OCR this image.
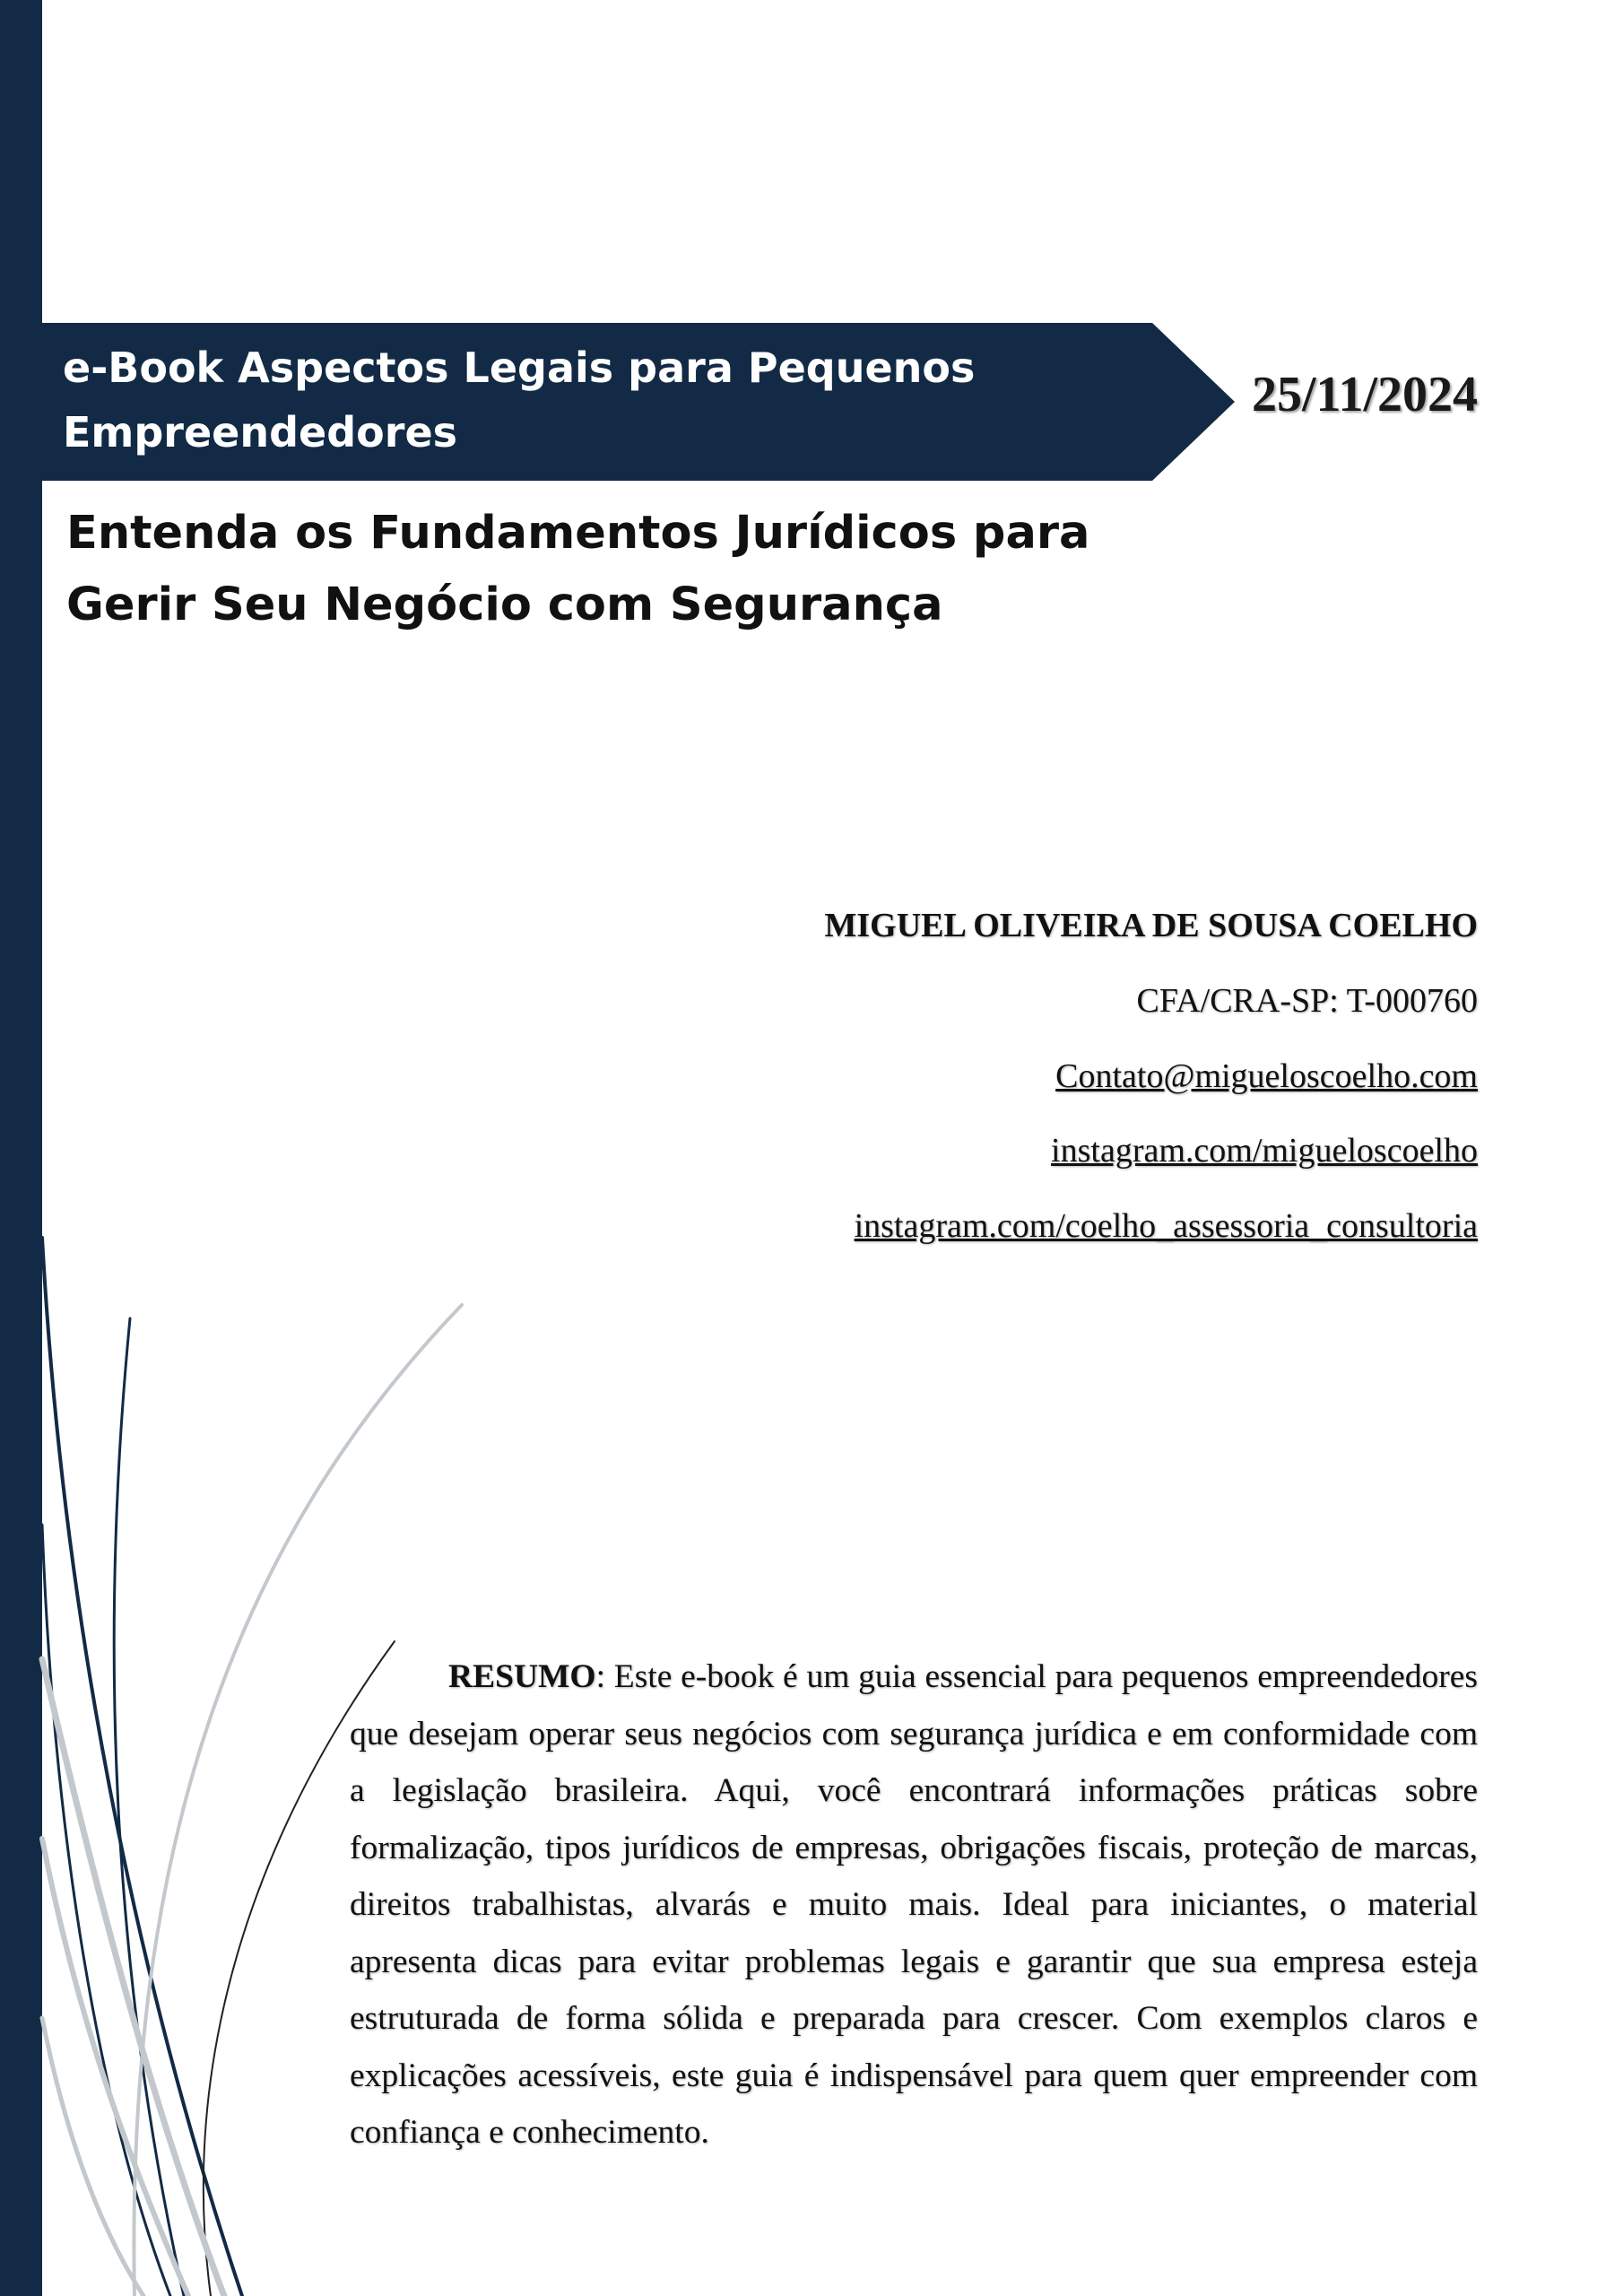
e-Book Aspectos Legais para Pequenos Empreendedores
25/11/2024
Entenda os Fundamentos Jurídicos para Gerir Seu Negócio com Segurança
MIGUEL OLIVEIRA DE SOUSA COELHO
CFA/CRA-SP: T-000760
Contato@migueloscoelho.com
instagram.com/migueloscoelho
instagram.com/coelho_assessoria_consultoria

RESUMO: Este e-book é um guia essencial para pequenos empreendedores que desejam operar seus negócios com segurança jurídica e em conformidade com a legislação brasileira. Aqui, você encontrará informações práticas sobre formalização, tipos jurídicos de empresas, obrigações fiscais, proteção de marcas, direitos trabalhistas, alvarás e muito mais. Ideal para iniciantes, o material apresenta dicas para evitar problemas legais e garantir que sua empresa esteja estruturada de forma sólida e preparada para crescer. Com exemplos claros e explicações acessíveis, este guia é indispensável para quem quer empreender com confiança e conhecimento.
